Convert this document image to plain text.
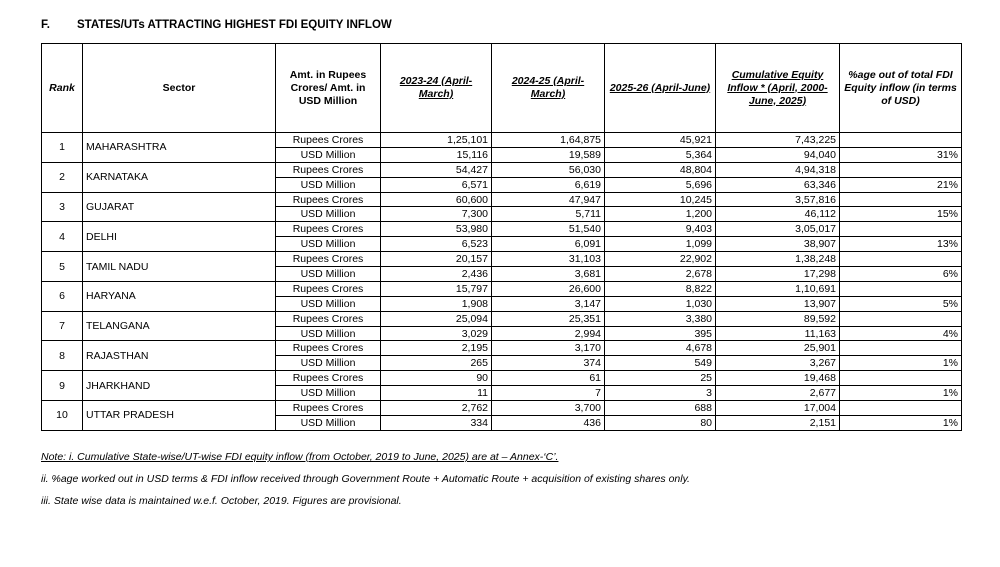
F. STATES/UTs ATTRACTING HIGHEST FDI EQUITY INFLOW
Rank	Sector	Amt. in Rupees Crores/ Amt. in USD Million	2023-24 (April-March)	2024-25 (April-March)	2025-26 (April-June)	Cumulative Equity Inflow * (April, 2000-June, 2025)	%age out of total FDI Equity inflow (in terms of USD)
1	MAHARASHTRA	Rupees Crores	1,25,101	1,64,875	45,921	7,43,225	
		USD Million	15,116	19,589	5,364	94,040	31%
2	KARNATAKA	Rupees Crores	54,427	56,030	48,804	4,94,318	
		USD Million	6,571	6,619	5,696	63,346	21%
3	GUJARAT	Rupees Crores	60,600	47,947	10,245	3,57,816	
		USD Million	7,300	5,711	1,200	46,112	15%
4	DELHI	Rupees Crores	53,980	51,540	9,403	3,05,017	
		USD Million	6,523	6,091	1,099	38,907	13%
5	TAMIL NADU	Rupees Crores	20,157	31,103	22,902	1,38,248	
		USD Million	2,436	3,681	2,678	17,298	6%
6	HARYANA	Rupees Crores	15,797	26,600	8,822	1,10,691	
		USD Million	1,908	3,147	1,030	13,907	5%
7	TELANGANA	Rupees Crores	25,094	25,351	3,380	89,592	
		USD Million	3,029	2,994	395	11,163	4%
8	RAJASTHAN	Rupees Crores	2,195	3,170	4,678	25,901	
		USD Million	265	374	549	3,267	1%
9	JHARKHAND	Rupees Crores	90	61	25	19,468	
		USD Million	11	7	3	2,677	1%
10	UTTAR PRADESH	Rupees Crores	2,762	3,700	688	17,004	
		USD Million	334	436	80	2,151	1%
Note: i. Cumulative State-wise/UT-wise FDI equity inflow (from October, 2019 to June, 2025) are at – Annex-‘C’.
ii. %age worked out in USD terms & FDI inflow received through Government Route + Automatic Route + acquisition of existing shares only.
iii. State wise data is maintained w.e.f. October, 2019. Figures are provisional.
